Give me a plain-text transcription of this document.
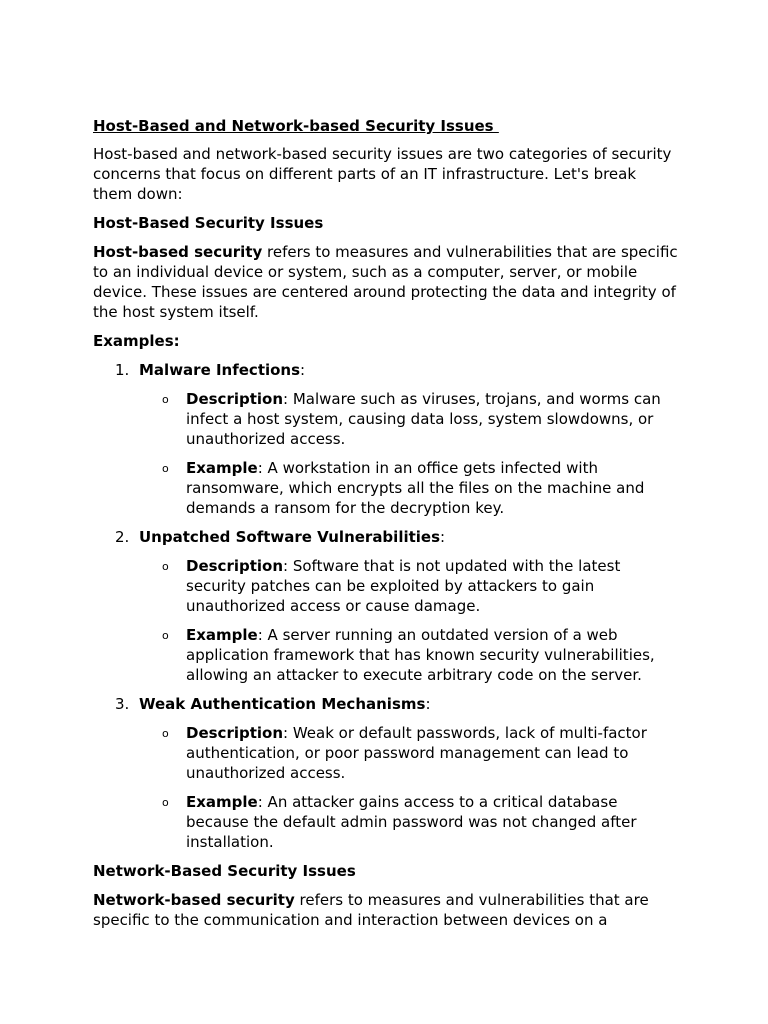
Host-Based and Network-based Security Issues

Host-based and network-based security issues are two categories of security concerns that focus on different parts of an IT infrastructure. Let's break them down:

Host-Based Security Issues

Host-based security refers to measures and vulnerabilities that are specific to an individual device or system, such as a computer, server, or mobile device. These issues are centered around protecting the data and integrity of the host system itself.

Examples:
1. Malware Infections:
o Description: Malware such as viruses, trojans, and worms can infect a host system, causing data loss, system slowdowns, or unauthorized access.
o Example: A workstation in an office gets infected with ransomware, which encrypts all the files on the machine and demands a ransom for the decryption key.
2. Unpatched Software Vulnerabilities:
o Description: Software that is not updated with the latest security patches can be exploited by attackers to gain unauthorized access or cause damage.
o Example: A server running an outdated version of a web application framework that has known security vulnerabilities, allowing an attacker to execute arbitrary code on the server.
3. Weak Authentication Mechanisms:
o Description: Weak or default passwords, lack of multi-factor authentication, or poor password management can lead to unauthorized access.
o Example: An attacker gains access to a critical database because the default admin password was not changed after installation.
Network-Based Security Issues

Network-based security refers to measures and vulnerabilities that are specific to the communication and interaction between devices on a
